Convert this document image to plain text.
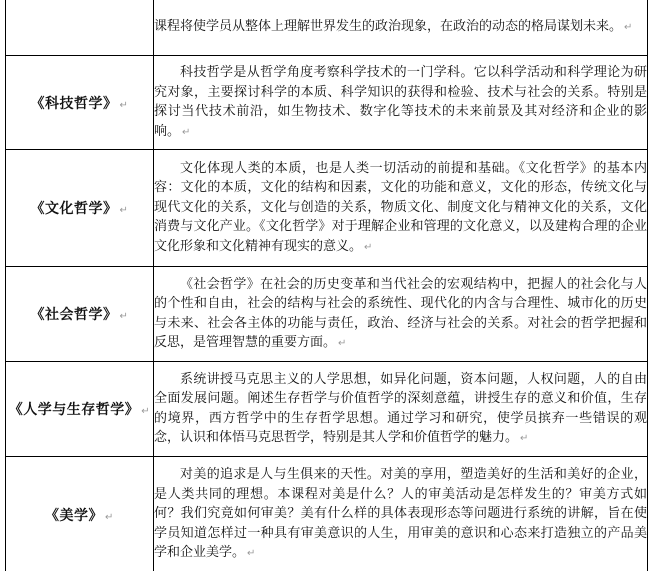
	课程将使学员从整体上理解世界发生的政治现象，在政治的动态的格局谋划未来。 ↵

《科技哲学》 ↵	科技哲学是从哲学角度考察科学技术的一门学科。它以科学活动和科学理论为研究对象，主要探讨科学的本质、科学知识的获得和检验、技术与社会的关系。特别是探讨当代技术前沿，如生物技术、数字化等技术的未来前景及其对经济和企业的影响。 ↵

《文化哲学》 ↵	文化体现人类的本质，也是人类一切活动的前提和基础。《文化哲学》的基本内容：文化的本质，文化的结构和因素，文化的功能和意义，文化的形态，传统文化与现代文化的关系，文化与创造的关系，物质文化、制度文化与精神文化的关系，文化消费与文化产业。《文化哲学》对于理解企业和管理的文化意义，以及建构合理的企业文化形象和文化精神有现实的意义。 ↵

《社会哲学》 ↵	《社会哲学》在社会的历史变革和当代社会的宏观结构中，把握人的社会化与人的个性和自由，社会的结构与社会的系统性、现代化的内含与合理性、城市化的历史与未来、社会各主体的功能与责任，政治、经济与社会的关系。对社会的哲学把握和反思，是管理智慧的重要方面。 ↵

《人学与生存哲学》 ↵	系统讲授马克思主义的人学思想，如异化问题，资本问题，人权问题，人的自由全面发展问题。阐述生存哲学与价值哲学的深刻意蕴，讲授生存的意义和价值，生存的境界，西方哲学中的生存哲学思想。通过学习和研究，使学员摈弃一些错误的观念，认识和体悟马克思哲学，特别是其人学和价值哲学的魅力。 ↵

《美学》 ↵	对美的追求是人与生俱来的天性。对美的享用，塑造美好的生活和美好的企业，是人类共同的理想。本课程对美是什么？人的审美活动是怎样发生的？审美方式如何？我们究竟如何审美？美有什么样的具体表现形态等问题进行系统的讲解，旨在使学员知道怎样过一种具有审美意识的人生，用审美的意识和心态来打造独立的产品美学和企业美学。 ↵
